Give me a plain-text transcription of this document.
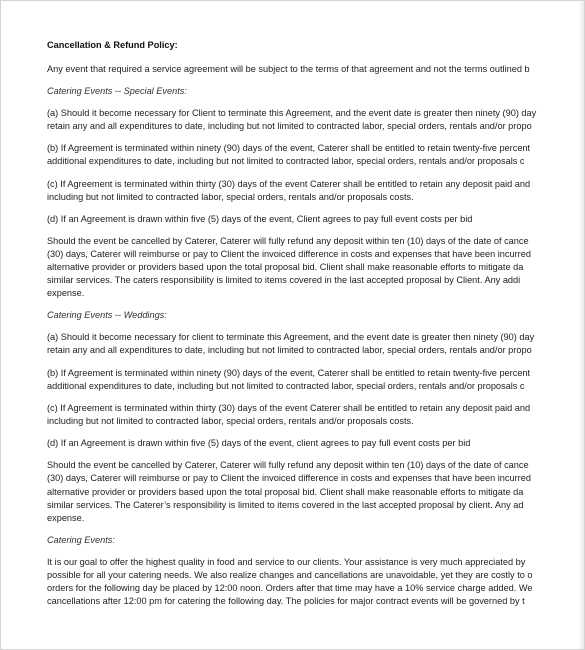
Cancellation & Refund Policy:
Any event that required a service agreement will be subject to the terms of that agreement and not the terms outlined b
Catering Events -- Special Events:
(a) Should it become necessary for Client to terminate this Agreement, and the event date is greater then ninety (90) day
retain any and all expenditures to date, including but not limited to contracted labor, special orders, rentals and/or propo
(b) If Agreement is terminated within ninety (90) days of the event, Caterer shall be entitled to retain twenty-five percent
additional expenditures to date, including but not limited to contracted labor, special orders, rentals and/or proposals c
(c) If Agreement is terminated within thirty (30) days of the event Caterer shall be entitled to retain any deposit paid and
including but not limited to contracted labor, special orders, rentals and/or proposals costs.
(d) If an Agreement is drawn within five (5) days of the event, Client agrees to pay full event costs per bid
Should the event be cancelled by Caterer, Caterer will fully refund any deposit within ten (10) days of the date of cance
(30) days, Caterer will reimburse or pay to Client the invoiced difference in costs and expenses that have been incurred
alternative provider or providers based upon the total proposal bid. Client shall make reasonable efforts to mitigate da
similar services. The caters responsibility is limited to items covered in the last accepted proposal by Client. Any addi
expense.
Catering Events -- Weddings:
(a) Should it become necessary for client to terminate this Agreement, and the event date is greater then ninety (90) day
retain any and all expenditures to date, including but not limited to contracted labor, special orders, rentals and/or propo
(b) If Agreement is terminated within ninety (90) days of the event, Caterer shall be entitled to retain twenty-five percent
additional expenditures to date, including but not limited to contracted labor, special orders, rentals and/or proposals c
(c) If Agreement is terminated within thirty (30) days of the event Caterer shall be entitled to retain any deposit paid and
including but not limited to contracted labor, special orders, rentals and/or proposals costs.
(d) If an Agreement is drawn within five (5) days of the event, client agrees to pay full event costs per bid
Should the event be cancelled by Caterer, Caterer will fully refund any deposit within ten (10) days of the date of cance
(30) days, Caterer will reimburse or pay to Client the invoiced difference in costs and expenses that have been incurred
alternative provider or providers based upon the total proposal bid. Client shall make reasonable efforts to mitigate da
similar services. The Caterer’s responsibility is limited to items covered in the last accepted proposal by client. Any ad
expense.
Catering Events:
It is our goal to offer the highest quality in food and service to our clients. Your assistance is very much appreciated by
possible for all your catering needs. We also realize changes and cancellations are unavoidable, yet they are costly to o
orders for the following day be placed by 12:00 noon. Orders after that time may have a 10% service charge added. We
cancellations after 12:00 pm for catering the following day. The policies for major contract events will be governed by t
